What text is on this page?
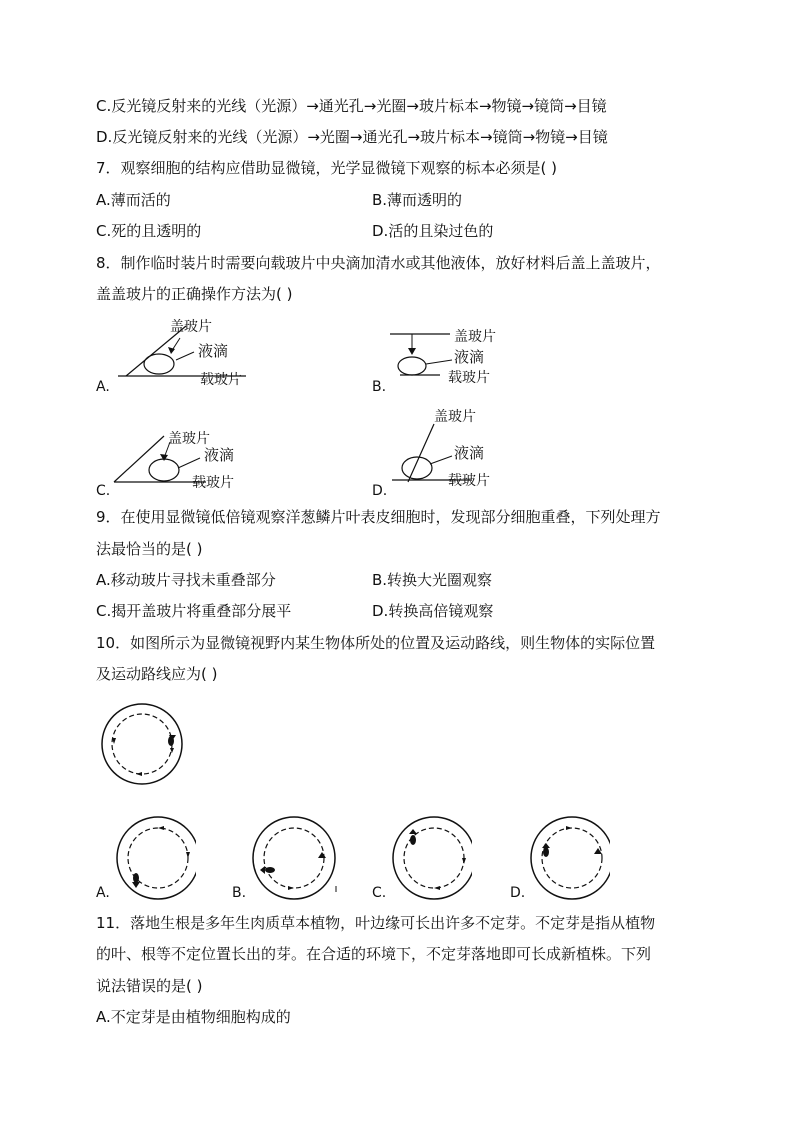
C.反光镜反射来的光线（光源）→通光孔→光圈→玻片标本→物镜→镜筒→目镜
D.反光镜反射来的光线（光源）→光圈→通光孔→玻片标本→镜筒→物镜→目镜
7．观察细胞的结构应借助显微镜，光学显微镜下观察的标本必须是( )
A.薄而活的	B.薄而透明的
C.死的且透明的	D.活的且染过色的
8．制作临时装片时需要向载玻片中央滴加清水或其他液体，放好材料后盖上盖玻片，
盖盖玻片的正确操作方法为( )
盖玻片
液滴
载玻片
A.
盖玻片
液滴
载玻片
B.
盖玻片
液滴
载玻片
C.
盖玻片
液滴
载玻片
D.
9．在使用显微镜低倍镜观察洋葱鳞片叶表皮细胞时，发现部分细胞重叠，下列处理方
法最恰当的是( )
A.移动玻片寻找未重叠部分	B.转换大光圈观察
C.揭开盖玻片将重叠部分展平	D.转换高倍镜观察
10．如图所示为显微镜视野内某生物体所处的位置及运动路线，则生物体的实际位置
及运动路线应为( )
A.	B.	C.	D.
11．落地生根是多年生肉质草本植物，叶边缘可长出许多不定芽。不定芽是指从植物
的叶、根等不定位置长出的芽。在合适的环境下，不定芽落地即可长成新植株。下列
说法错误的是( )
A.不定芽是由植物细胞构成的
